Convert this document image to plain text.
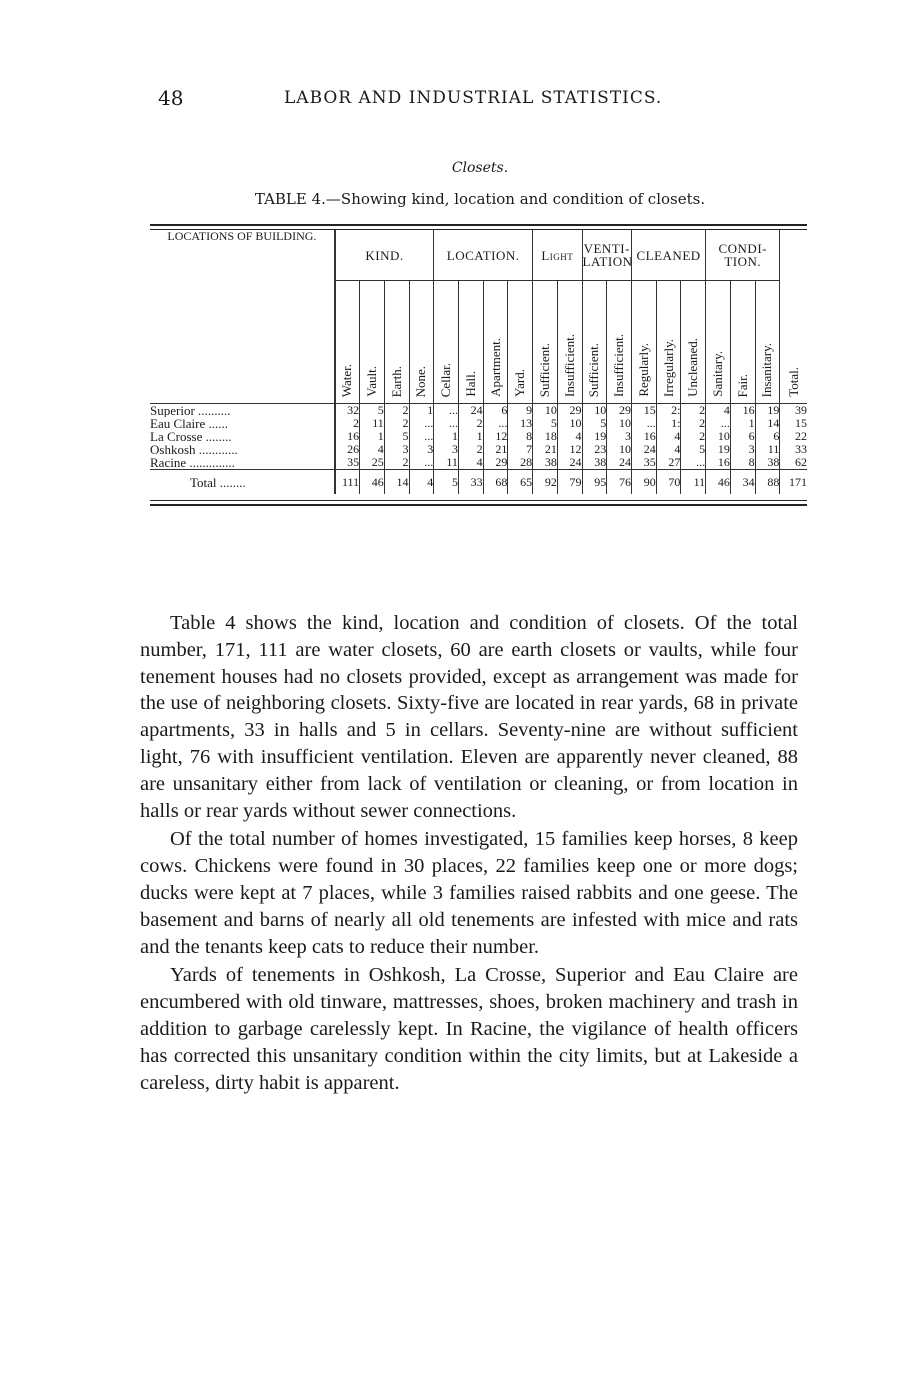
48	LABOR AND INDUSTRIAL STATISTICS.
Closets.
TABLE 4.—Showing kind, location and condition of closets.
LOCATIONS OF BUILDING.	KIND.				LOCATION.				Light		VENTI-LATION		CLEANED			CONDI-TION.			

	Water.	Vault.	Earth.	None.	Cellar.	Hall.	Apartment.	Yard.	Sufficient.	Insufficient.	Sufficient.	Insufficient.	Regularly.	Irregularly.	Uncleaned.	Sanitary.	Fair.	Insanitary.	Total.

Superior ..........	32	5	2	1	...	24	6	9	10	29	10	29	15	2:	2	4	16	19	39
Eau Claire ......	2	11	2	...	...	2	...	13	5	10	5	10	...	1:	2	...	1	14	15
La Crosse ........	16	1	5	...	1	1	12	8	18	4	19	3	16	4	2	10	6	6	22
Oshkosh ............	26	4	3	3	3	2	21	7	21	12	23	10	24	4	5	19	3	11	33
Racine ..............	35	25	2	...	11	4	29	28	38	24	38	24	35	27	...	16	8	38	62
Total ........	111	46	14	4	5	33	68	65	92	79	95	76	90	70	11	46	34	88	171

Table 4 shows the kind, location and condition of closets. Of the total number, 171, 111 are water closets, 60 are earth closets or vaults, while four tenement houses had no closets provided, except as arrangement was made for the use of neighboring closets. Sixty-five are located in rear yards, 68 in private apartments, 33 in halls and 5 in cellars. Seventy-nine are without sufficient light, 76 with insufficient ventilation. Eleven are apparently never cleaned, 88 are unsanitary either from lack of ventilation or cleaning, or from location in halls or rear yards without sewer connections.

Of the total number of homes investigated, 15 families keep horses, 8 keep cows. Chickens were found in 30 places, 22 families keep one or more dogs; ducks were kept at 7 places, while 3 families raised rabbits and one geese. The basement and barns of nearly all old tenements are infested with mice and rats and the tenants keep cats to reduce their number.

Yards of tenements in Oshkosh, La Crosse, Superior and Eau Claire are encumbered with old tinware, mattresses, shoes, broken machinery and trash in addition to garbage carelessly kept. In Racine, the vigilance of health officers has corrected this unsanitary condition within the city limits, but at Lakeside a careless, dirty habit is apparent.
